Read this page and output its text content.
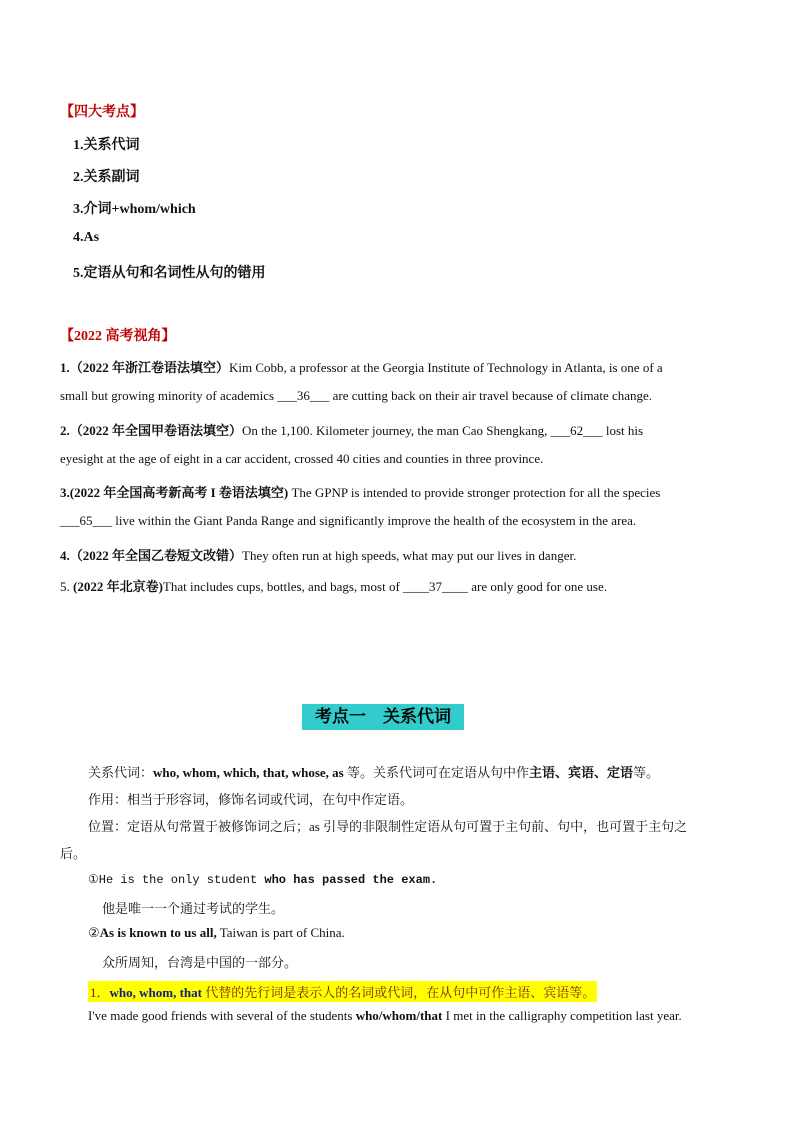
【四大考点】
1.关系代词
2.关系副词
3.介词+whom/which
4.As
5.定语从句和名词性从句的错用
【2022 高考视角】
1.（2022 年浙江卷语法填空）Kim Cobb, a professor at the Georgia Institute of Technology in Atlanta, is one of a
small but growing minority of academics ___36___ are cutting back on their air travel because of climate change.
2.（2022 年全国甲卷语法填空）On the 1,100. Kilometer journey, the man Cao Shengkang, ___62___ lost his
eyesight at the age of eight in a car accident, crossed 40 cities and counties in three province.
3.(2022 年全国高考新高考 I 卷语法填空) The GPNP is intended to provide stronger protection for all the species
___65___ live within the Giant Panda Range and significantly improve the health of the ecosystem in the area.
4.（2022 年全国乙卷短文改错）They often run at high speeds, what may put our lives in danger.
5. (2022 年北京卷)That includes cups, bottles, and bags, most of ____37____ are only good for one use.
考点一　关系代词
关系代词：who, whom, which, that, whose, as 等。关系代词可在定语从句中作主语、宾语、定语等。
作用：相当于形容词，修饰名词或代词，在句中作定语。
位置：定语从句常置于被修饰词之后；as 引导的非限制性定语从句可置于主句前、句中，也可置于主句之
后。
①He is the only student who has passed the exam.
他是唯一一个通过考试的学生。
②As is known to us all, Taiwan is part of China.
众所周知，台湾是中国的一部分。
1．who, whom, that 代替的先行词是表示人的名词或代词，在从句中可作主语、宾语等。
I've made good friends with several of the students who/whom/that I met in the calligraphy competition last year.
